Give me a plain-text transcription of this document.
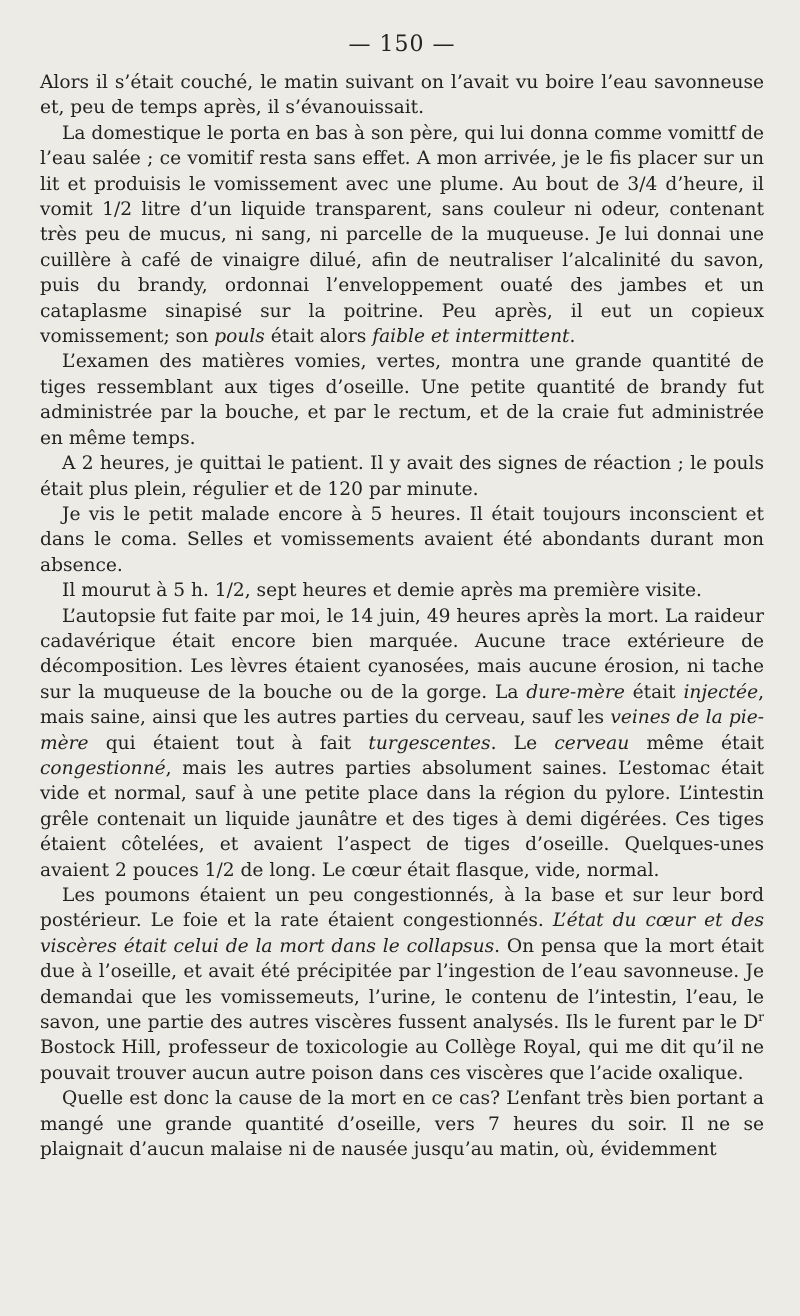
— 150 —

Alors il s’était couché, le matin suivant on l’avait vu boire l’eau savonneuse et, peu de temps après, il s’évanouissait.

La domestique le porta en bas à son père, qui lui donna comme vomittf de l’eau salée ; ce vomitif resta sans effet. A mon arrivée, je le fis placer sur un lit et produisis le vomissement avec une plume. Au bout de 3/4 d’heure, il vomit 1/2 litre d’un liquide transparent, sans couleur ni odeur, contenant très peu de mucus, ni sang, ni parcelle de la muqueuse. Je lui donnai une cuillère à café de vinaigre dilué, afin de neutraliser l’alcalinité du savon, puis du brandy, ordonnai l’enveloppement ouaté des jambes et un cataplasme sinapisé sur la poitrine. Peu après, il eut un copieux vomissement; son pouls était alors faible et intermittent.

L’examen des matières vomies, vertes, montra une grande quantité de tiges ressemblant aux tiges d’oseille. Une petite quantité de brandy fut administrée par la bouche, et par le rectum, et de la craie fut administrée en même temps.

A 2 heures, je quittai le patient. Il y avait des signes de réaction ; le pouls était plus plein, régulier et de 120 par minute.

Je vis le petit malade encore à 5 heures. Il était toujours inconscient et dans le coma. Selles et vomissements avaient été abondants durant mon absence.

Il mourut à 5 h. 1/2, sept heures et demie après ma première visite.

L’autopsie fut faite par moi, le 14 juin, 49 heures après la mort. La raideur cadavérique était encore bien marquée. Aucune trace extérieure de décomposition. Les lèvres étaient cyanosées, mais aucune érosion, ni tache sur la muqueuse de la bouche ou de la gorge. La dure-mère était injectée, mais saine, ainsi que les autres parties du cerveau, sauf les veines de la pie-mère qui étaient tout à fait turgescentes. Le cerveau même était congestionné, mais les autres parties absolument saines. L’estomac était vide et normal, sauf à une petite place dans la région du pylore. L’intestin grêle contenait un liquide jaunâtre et des tiges à demi digérées. Ces tiges étaient côtelées, et avaient l’aspect de tiges d’oseille. Quelques-unes avaient 2 pouces 1/2 de long. Le cœur était flasque, vide, normal.

Les poumons étaient un peu congestionnés, à la base et sur leur bord postérieur. Le foie et la rate étaient congestionnés. L’état du cœur et des viscères était celui de la mort dans le collapsus. On pensa que la mort était due à l’oseille, et avait été précipitée par l’ingestion de l’eau savonneuse. Je demandai que les vomissemeuts, l’urine, le contenu de l’intestin, l’eau, le savon, une partie des autres viscères fussent analysés. Ils le furent par le $D^r$ Bostock Hill, professeur de toxicologie au Collège Royal, qui me dit qu’il ne pouvait trouver aucun autre poison dans ces viscères que l’acide oxalique.

Quelle est donc la cause de la mort en ce cas? L’enfant très bien portant a mangé une grande quantité d’oseille, vers 7 heures du soir. Il ne se plaignait d’aucun malaise ni de nausée jusqu’au matin, où, évidemment
